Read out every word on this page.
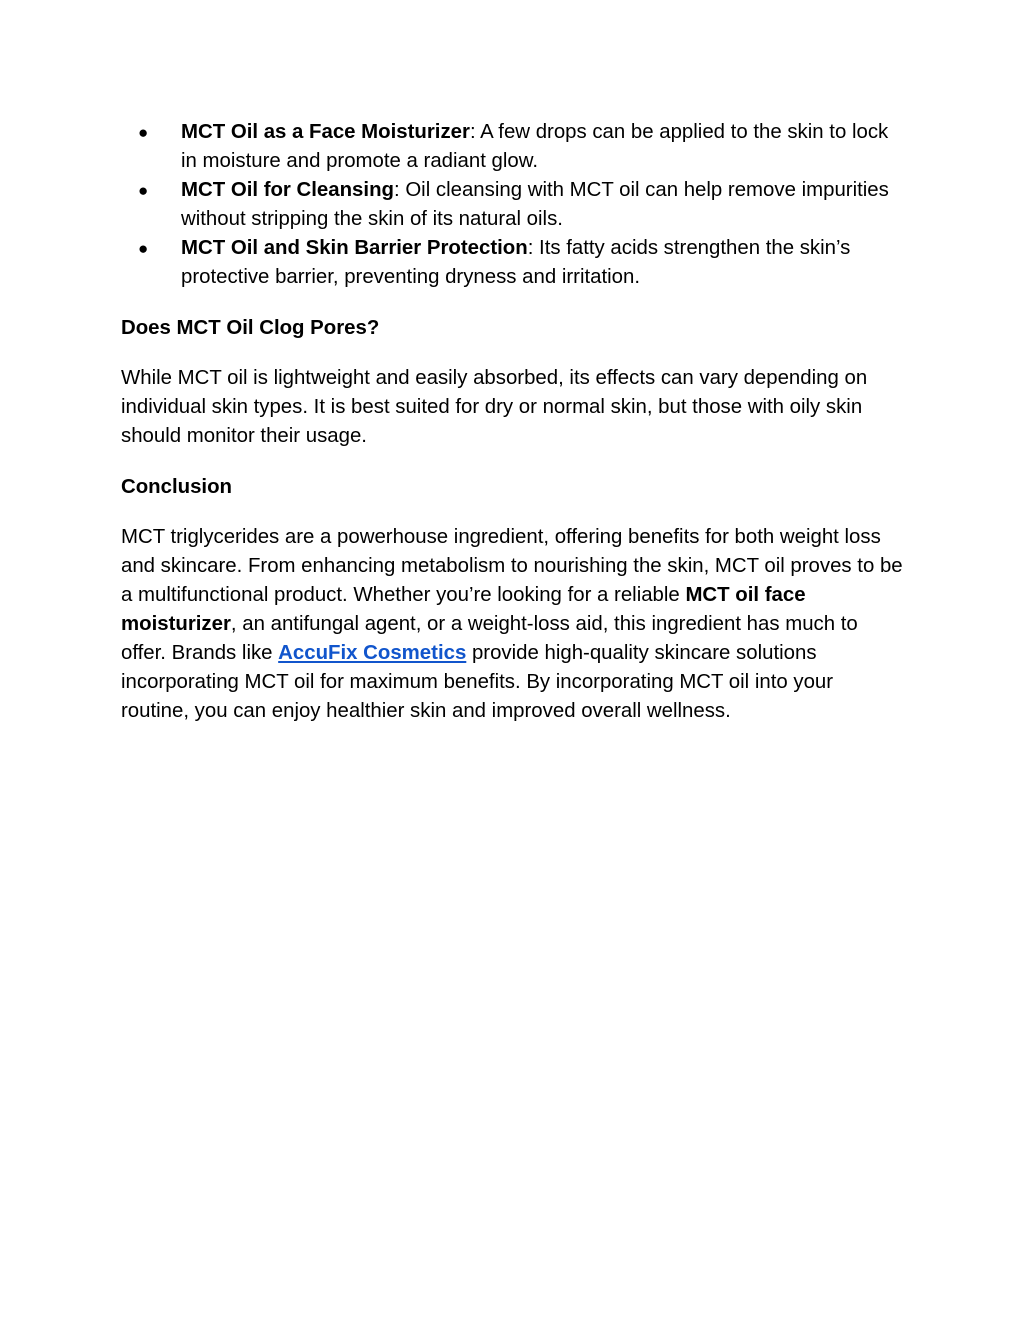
● MCT Oil as a Face Moisturizer: A few drops can be applied to the skin to lock in moisture and promote a radiant glow.
● MCT Oil for Cleansing: Oil cleansing with MCT oil can help remove impurities without stripping the skin of its natural oils.
● MCT Oil and Skin Barrier Protection: Its fatty acids strengthen the skin’s protective barrier, preventing dryness and irritation.
Does MCT Oil Clog Pores?

While MCT oil is lightweight and easily absorbed, its effects can vary depending on individual skin types. It is best suited for dry or normal skin, but those with oily skin should monitor their usage.

Conclusion

MCT triglycerides are a powerhouse ingredient, offering benefits for both weight loss and skincare. From enhancing metabolism to nourishing the skin, MCT oil proves to be a multifunctional product. Whether you’re looking for a reliable MCT oil face moisturizer, an antifungal agent, or a weight-loss aid, this ingredient has much to offer. Brands like AccuFix Cosmetics provide high-quality skincare solutions incorporating MCT oil for maximum benefits. By incorporating MCT oil into your routine, you can enjoy healthier skin and improved overall wellness.
